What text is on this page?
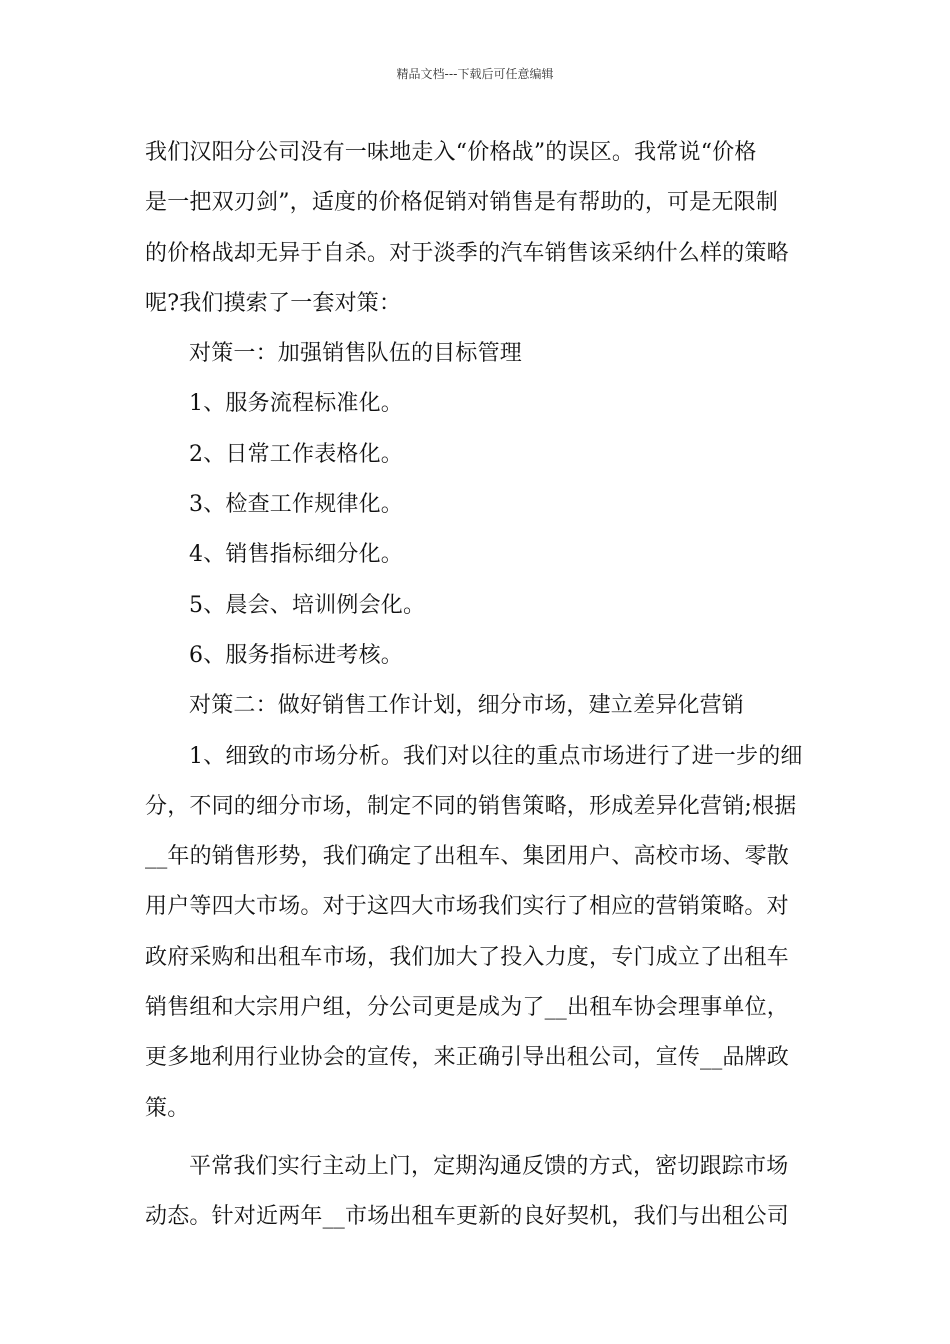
精品文档---下载后可任意编辑
我们汉阳分公司没有一味地走入“价格战”的误区。我常说“价格
是一把双刃剑”，适度的价格促销对销售是有帮助的，可是无限制
的价格战却无异于自杀。对于淡季的汽车销售该采纳什么样的策略
呢?我们摸索了一套对策：
对策一：加强销售队伍的目标管理
1、服务流程标准化。
2、日常工作表格化。
3、检查工作规律化。
4、销售指标细分化。
5、晨会、培训例会化。
6、服务指标进考核。
对策二：做好销售工作计划，细分市场，建立差异化营销
1、细致的市场分析。我们对以往的重点市场进行了进一步的细
分，不同的细分市场，制定不同的销售策略，形成差异化营销;根据
__年的销售形势，我们确定了出租车、集团用户、高校市场、零散
用户等四大市场。对于这四大市场我们实行了相应的营销策略。对
政府采购和出租车市场，我们加大了投入力度，专门成立了出租车
销售组和大宗用户组，分公司更是成为了__出租车协会理事单位，
更多地利用行业协会的宣传，来正确引导出租公司，宣传__品牌政
策。
平常我们实行主动上门，定期沟通反馈的方式，密切跟踪市场
动态。针对近两年__市场出租车更新的良好契机，我们与出租公司
